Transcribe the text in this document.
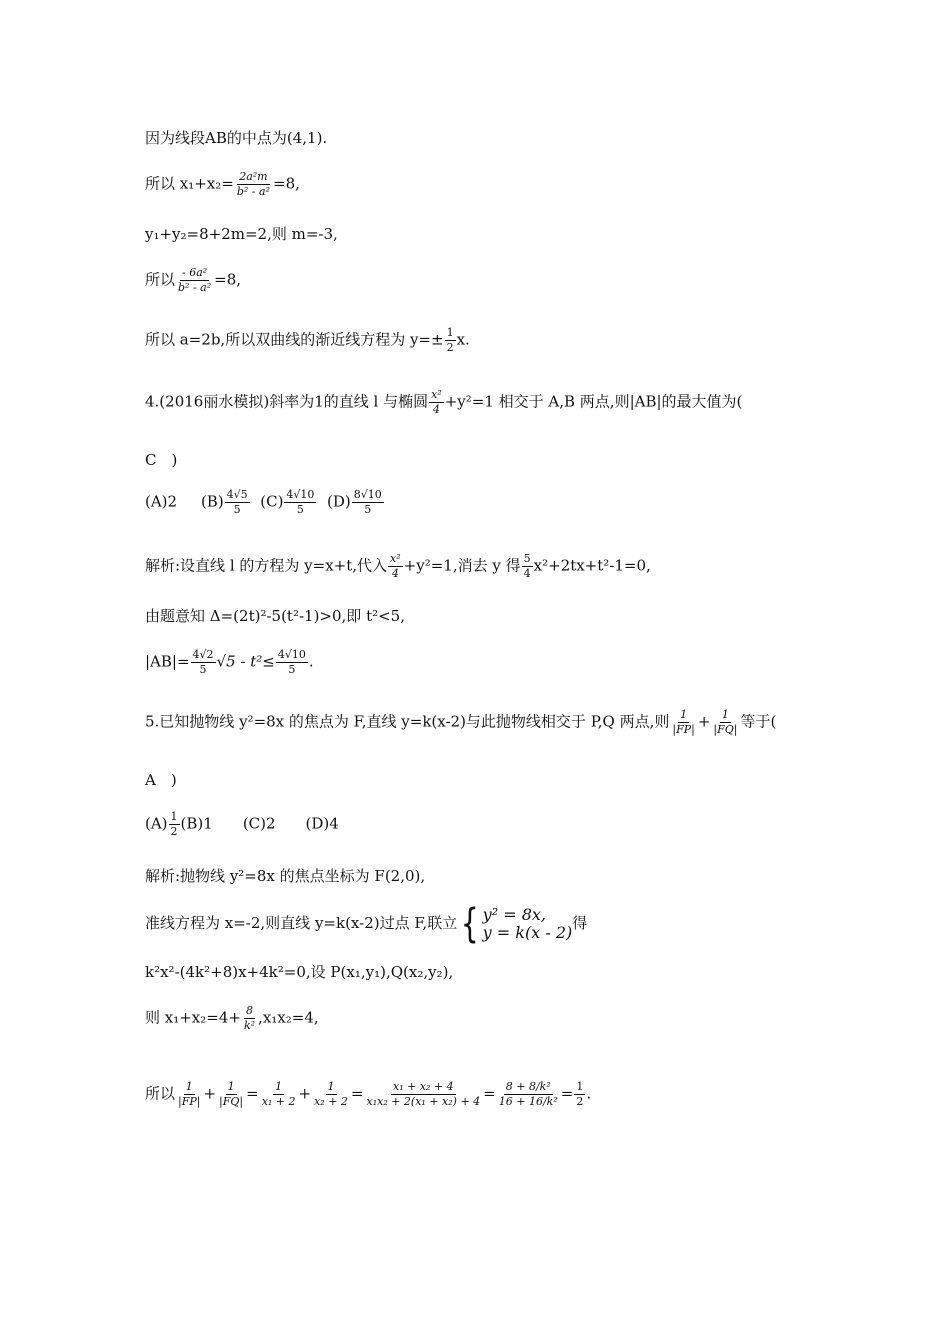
因为线段AB的中点为(4,1).
所以 $x_1+x_2= \frac{\text{2a²m}}{\text{b² - a²}} =8$,
y₁+y₂=8+2m=2,则 m=-3,
所以 $\frac{\text{- 6a²}}{\text{b² - a²}} =8$,
所以 a=2b,所以双曲线的渐近线方程为 $y=\pm \frac{1}{2} x$.
4.(2016丽水模拟)斜率为1的直线 l 与椭圆 $\frac{\text{x²}}{4} +y^2=1$ 相交于 A,B 两点,则|AB|的最大值为(
C　)
(A)2 $(B) \frac{4√5}{5} (C) \frac{4√10}{5} (D) \frac{8√10}{5}$
解析:设直线 l 的方程为 y=x+t,代入 $\frac{\text{x²}}{4} +y^2=1$,消去 y 得 $\frac{5}{4} x^2+2tx+t^2-1=0$,
由题意知 Δ=(2t)²-5(t²-1)>0,即 t²<5,
$|AB|= \frac{4√2}{5} √5 - t^2\le \frac{4√10}{5}$ .
5.已知抛物线 y²=8x 的焦点为 F,直线 y=k(x-2)与此抛物线相交于 P,Q 两点,则 $\frac{1}{|FP|} + \frac{1}{|FQ|}$ 等于(
A　)
$(A) \frac{1}{2} (B)1$　　(C)2　　(D)4
解析:抛物线 y²=8x 的焦点坐标为 F(2,0),
准线方程为 x=-2,则直线 y=k(x-2)过点 F,联立 { y² = 8x,
y = k(x - 2) 得
k²x²-(4k²+8)x+4k²=0,设 P(x₁,y₁),Q(x₂,y₂),
则 $x_1+x_2=4+ \frac{8}{\text{k²}} ,x_1x_2=4$,
所以 $\frac{1}{|FP|} + \frac{1}{|FQ|} = \frac{1}{\text{x₁ + 2}} + \frac{1}{\text{x₂ + 2}} = \frac{\text{x₁ + x₂ + 4}}{\text{x₁x₂ + 2(x₁ + x₂) + 4}} = \frac{\text{8 + 8/k²}}{\text{16 + 16/k²}} = \frac{1}{2}$ .
